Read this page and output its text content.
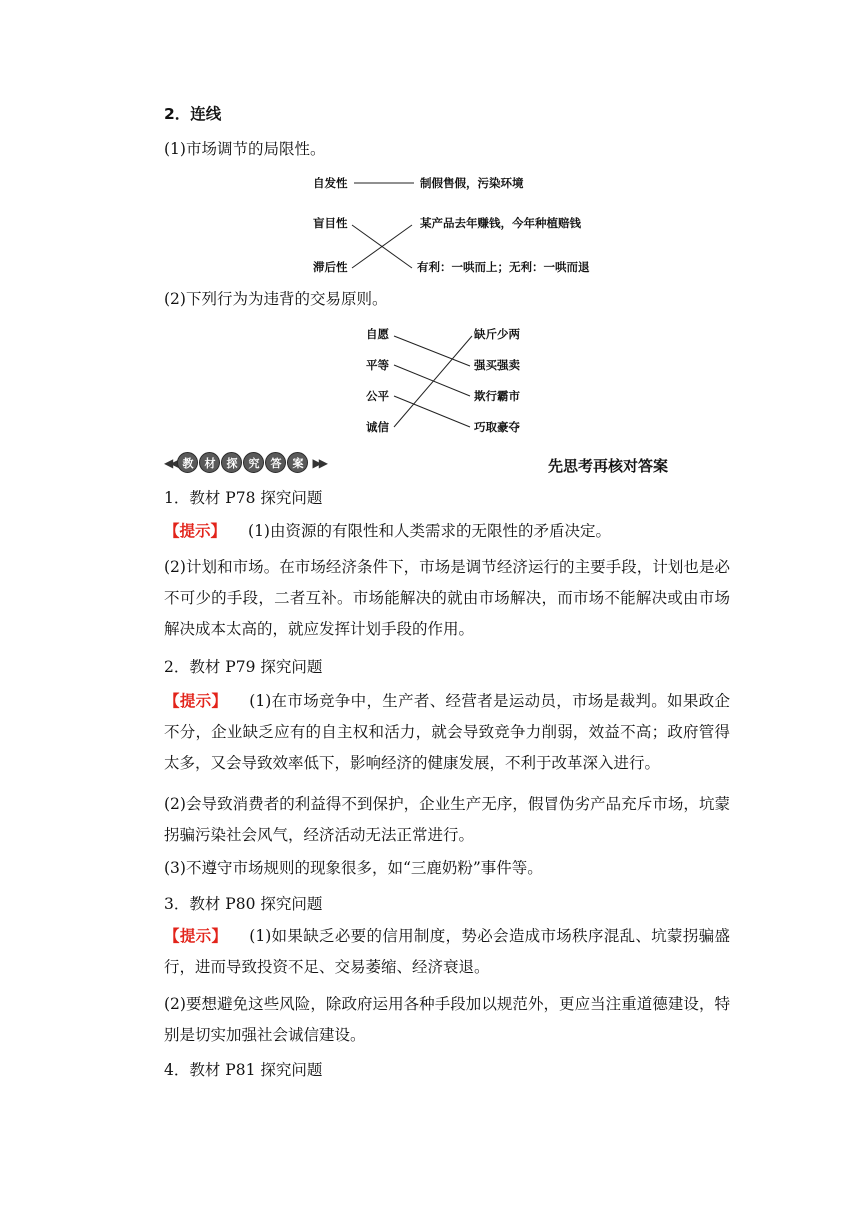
2．连线
(1)市场调节的局限性。
自发性
盲目性
滞后性
制假售假，污染环境
某产品去年赚钱，今年种植赔钱
有利：一哄而上；无利：一哄而退
(2)下列行为为违背的交易原则。
自愿
平等
公平
诚信
缺斤少两
强买强卖
欺行霸市
巧取豪夺
◀◀ 教	材	探	究	答	案 ▶▶	先思考再核对答案
1．教材 P78 探究问题
【提示】 (1)由资源的有限性和人类需求的无限性的矛盾决定。
(2)计划和市场。在市场经济条件下，市场是调节经济运行的主要手段，计划也是必不可少的手段，二者互补。市场能解决的就由市场解决，而市场不能解决或由市场解决成本太高的，就应发挥计划手段的作用。
2．教材 P79 探究问题
【提示】 (1)在市场竞争中，生产者、经营者是运动员，市场是裁判。如果政企不分，企业缺乏应有的自主权和活力，就会导致竞争力削弱，效益不高；政府管得太多，又会导致效率低下，影响经济的健康发展，不利于改革深入进行。
(2)会导致消费者的利益得不到保护，企业生产无序，假冒伪劣产品充斥市场，坑蒙拐骗污染社会风气，经济活动无法正常进行。
(3)不遵守市场规则的现象很多，如“三鹿奶粉”事件等。
3．教材 P80 探究问题
【提示】 (1)如果缺乏必要的信用制度，势必会造成市场秩序混乱、坑蒙拐骗盛行，进而导致投资不足、交易萎缩、经济衰退。
(2)要想避免这些风险，除政府运用各种手段加以规范外，更应当注重道德建设，特别是切实加强社会诚信建设。
4．教材 P81 探究问题
